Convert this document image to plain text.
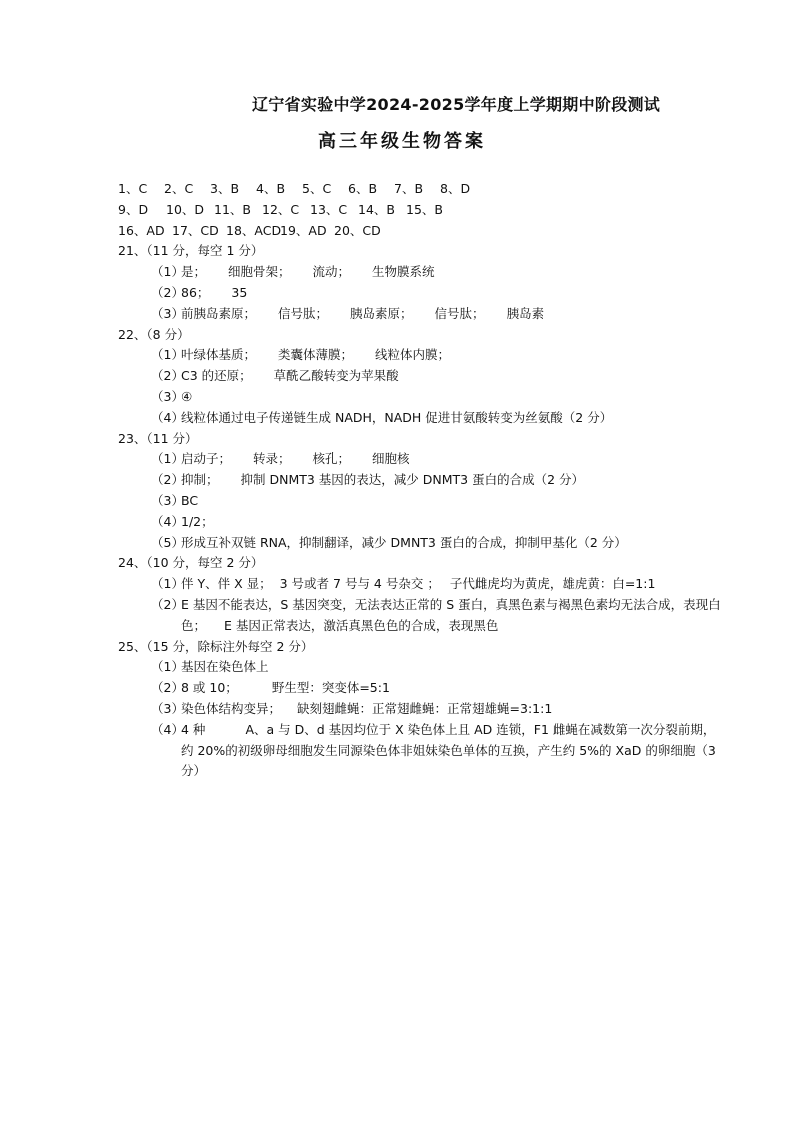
辽宁省实验中学2024-2025学年度上学期期中阶段测试
高三年级生物答案
1、C 2、C 3、B 4、B 5、C 6、B 7、B 8、D
9、D 10、D 11、B 12、C 13、C 14、B 15、B
16、AD 17、CD 18、ACD19、AD 20、CD
21、（11 分，每空 1 分）
（1）是； 细胞骨架； 流动； 生物膜系统
（2）86； 35
（3）前胰岛素原； 信号肽； 胰岛素原； 信号肽； 胰岛素
22、（8 分）
（1）叶绿体基质； 类囊体薄膜； 线粒体内膜；
（2）C3 的还原； 草酰乙酸转变为苹果酸
（3）④
（4）线粒体通过电子传递链生成 NADH，NADH 促进甘氨酸转变为丝氨酸（2 分）
23、（11 分）
（1）启动子； 转录； 核孔； 细胞核
（2）抑制； 抑制 DNMT3 基因的表达，减少 DNMT3 蛋白的合成（2 分）
（3）BC
（4）1/2；
（5）形成互补双链 RNA，抑制翻译，减少 DMNT3 蛋白的合成，抑制甲基化（2 分）
24、（10 分，每空 2 分）
（1）伴 Y、伴 X 显； 3 号或者 7 号与 4 号杂交 ； 子代雌虎均为黄虎，雄虎黄：白=1:1
（2）E 基因不能表达，S 基因突变，无法表达正常的 S 蛋白，真黑色素与褐黑色素均无法合成，表现白色； E 基因正常表达，激活真黑色色的合成，表现黑色
25、（15 分，除标注外每空 2 分）
（1）基因在染色体上
（2）8 或 10；	野生型：突变体=5:1
（3）染色体结构变异； 缺刻翅雌蝇：正常翅雌蝇：正常翅雄蝇=3:1:1
（4）4 种	A、a 与 D、d 基因均位于 X 染色体上且 AD 连锁，F1 雌蝇在减数第一次分裂前期，约 20%的初级卵母细胞发生同源染色体非姐妹染色单体的互换，产生约 5%的 XaD 的卵细胞（3 分）
